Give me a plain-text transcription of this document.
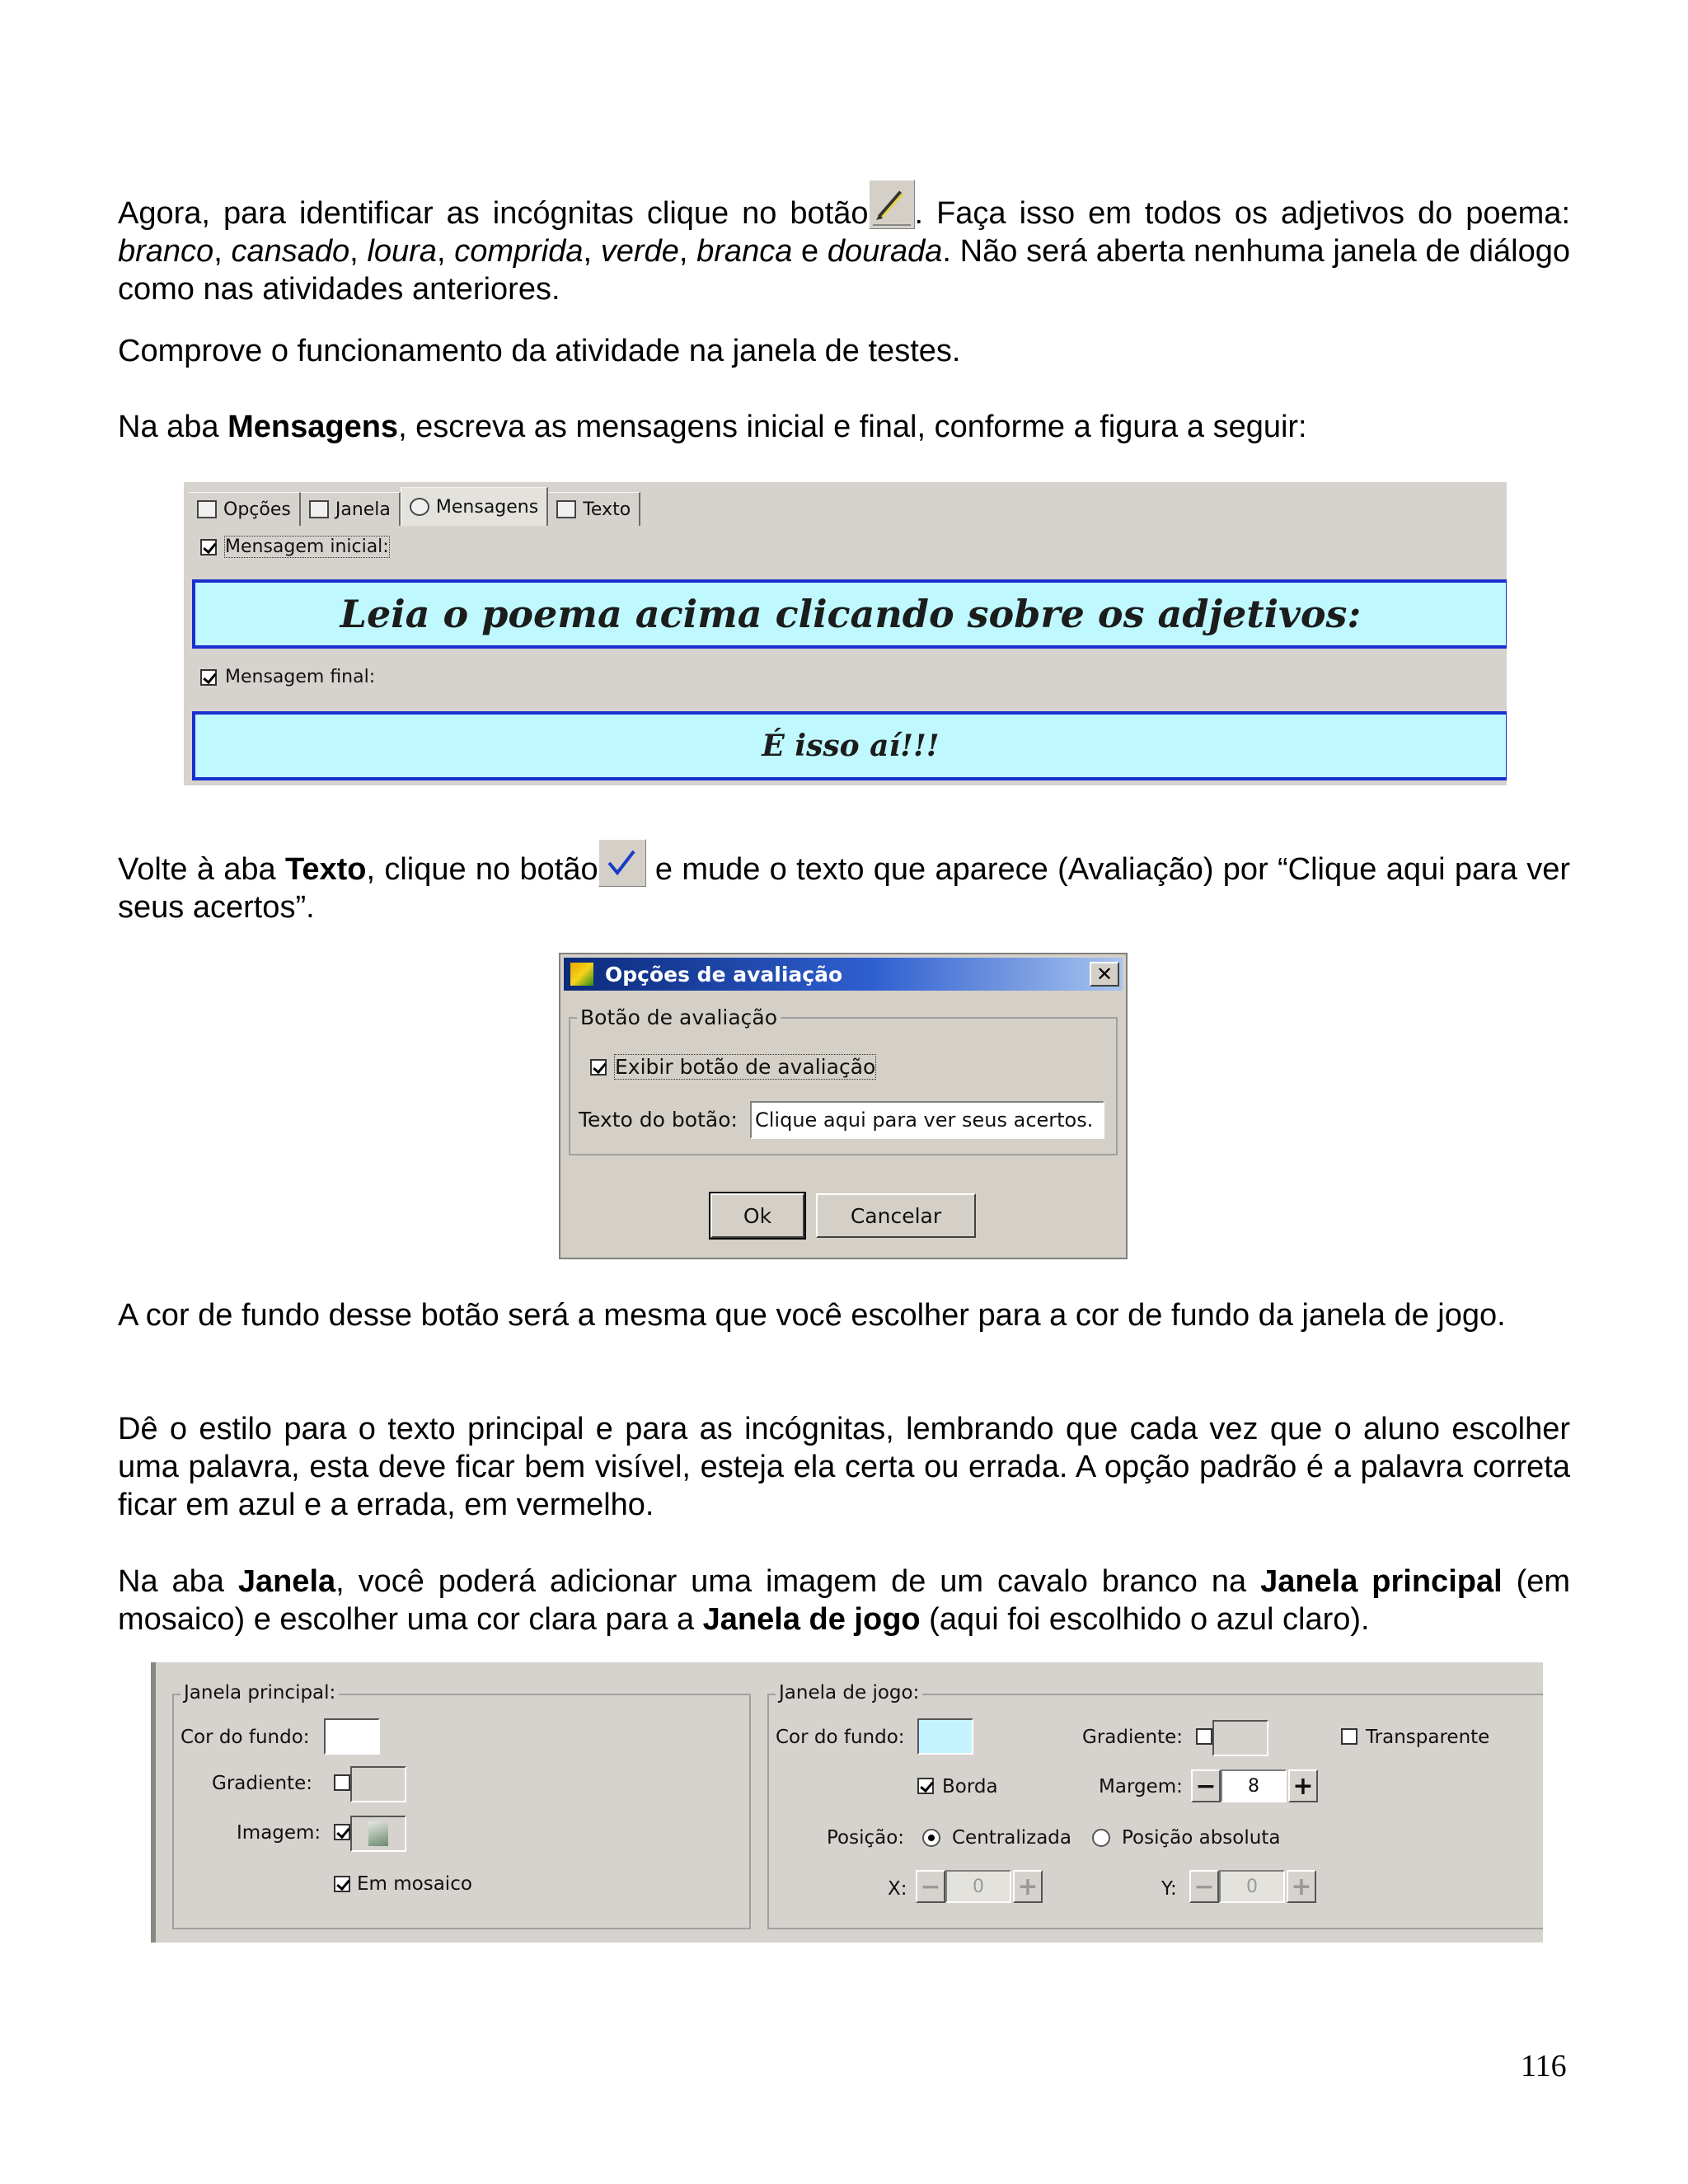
Agora, para identificar as incógnitas clique no botão . Faça isso em todos os adjetivos do poema: branco, cansado, loura, comprida, verde, branca e dourada. Não será aberta nenhuma janela de diálogo como nas atividades anteriores.
Comprove o funcionamento da atividade na janela de testes.
Na aba Mensagens, escreva as mensagens inicial e final, conforme a figura a seguir:
Opções Janela	Mensagens Texto
Mensagem inicial:
Leia o poema acima clicando sobre os adjetivos:
Mensagem final:
É isso aí!!!
Volte à aba Texto, clique no botão e mude o texto que aparece (Avaliação) por “Clique aqui para ver seus acertos”.
Opções de avaliação	✕
Botão de avaliação
Exibir botão de avaliação
Texto do botão: Clique aqui para ver seus acertos.
Ok	Cancelar
A cor de fundo desse botão será a mesma que você escolher para a cor de fundo da janela de jogo.
Dê o estilo para o texto principal e para as incógnitas, lembrando que cada vez que o aluno escolher uma palavra, esta deve ficar bem visível, esteja ela certa ou errada. A opção padrão é a palavra correta ficar em azul e a errada, em vermelho.
Na aba Janela, você poderá adicionar uma imagem de um cavalo branco na Janela principal (em mosaico) e escolher uma cor clara para a Janela de jogo (aqui foi escolhido o azul claro).
Janela principal:
Cor do fundo:
Gradiente:
Imagem:
Em mosaico
Janela de jogo:
Cor do fundo:	Gradiente:	Transparente
Borda	Margem: −	8	+
Posição:	Centralizada	Posição absoluta
X: −	0	+	Y: −	0	+
116
